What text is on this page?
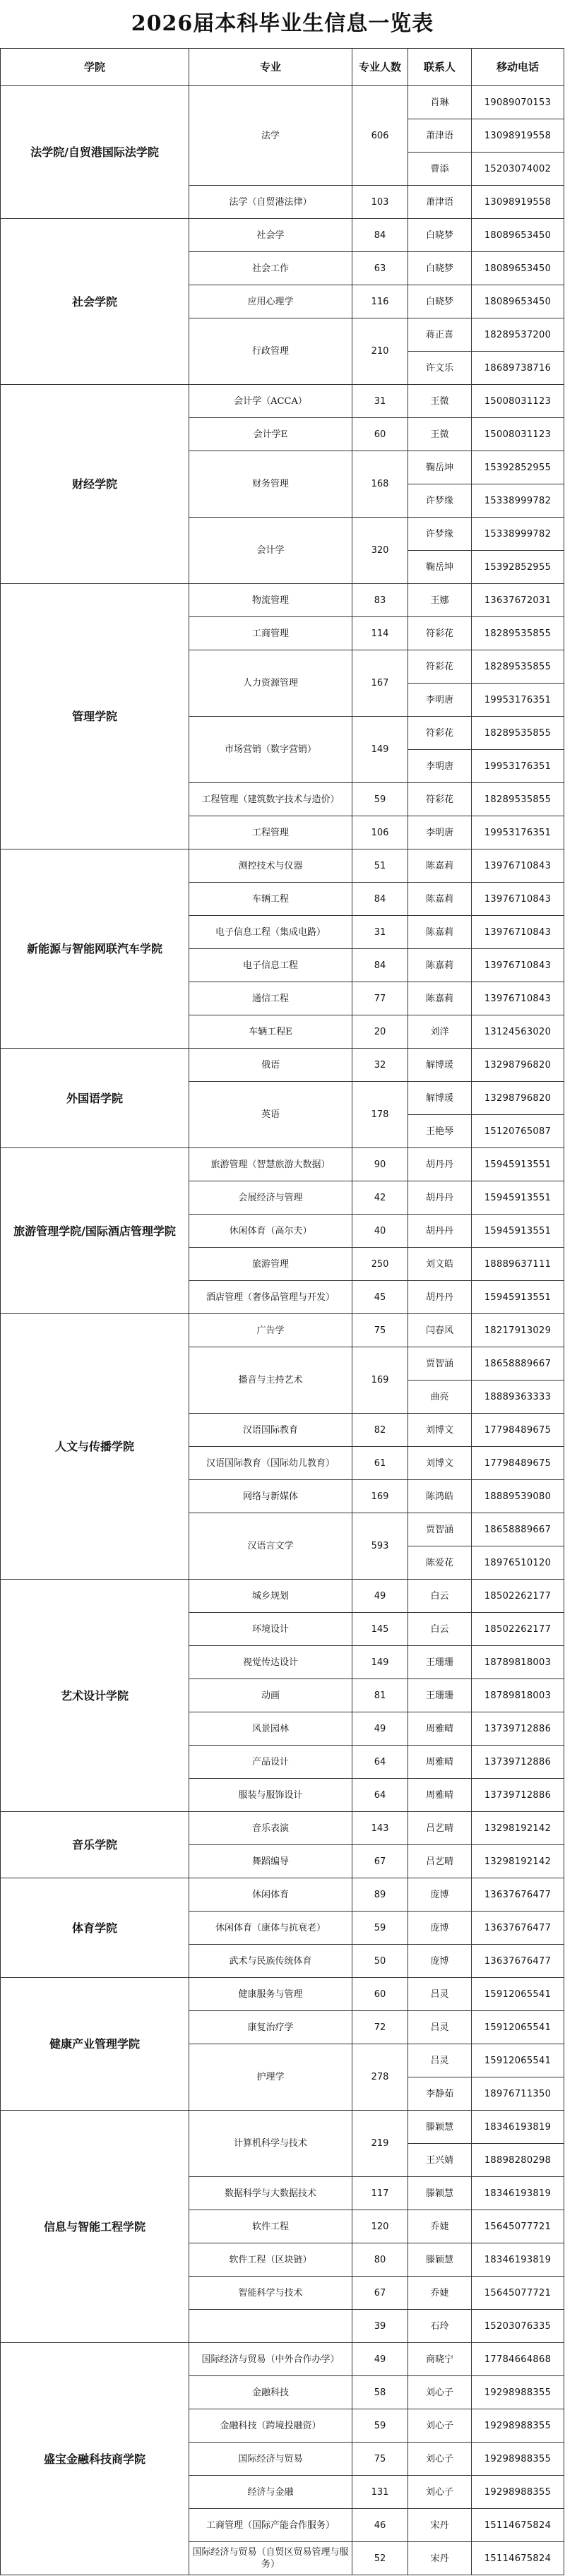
2026届本科毕业生信息一览表
学院	专业	专业人数	联系人	移动电话
法学院/自贸港国际法学院	法学	606	肖琳	19089070153
			萧津语	13098919558
			曹添	15203074002
	法学（自贸港法律）	103	萧津语	13098919558
社会学院	社会学	84	白晓梦	18089653450
	社会工作	63	白晓梦	18089653450
	应用心理学	116	白晓梦	18089653450
	行政管理	210	蒋正喜	18289537200
			许文乐	18689738716
财经学院	会计学（ACCA）	31	王微	15008031123
	会计学E	60	王微	15008031123
	财务管理	168	鞠岳坤	15392852955
			许梦缘	15338999782
	会计学	320	许梦缘	15338999782
			鞠岳坤	15392852955
管理学院	物流管理	83	王娜	13637672031
	工商管理	114	符彩花	18289535855
	人力资源管理	167	符彩花	18289535855
			李明唐	19953176351
	市场营销（数字营销）	149	符彩花	18289535855
			李明唐	19953176351
	工程管理（建筑数字技术与造价）	59	符彩花	18289535855
	工程管理	106	李明唐	19953176351
新能源与智能网联汽车学院	测控技术与仪器	51	陈嘉莉	13976710843
	车辆工程	84	陈嘉莉	13976710843
	电子信息工程（集成电路）	31	陈嘉莉	13976710843
	电子信息工程	84	陈嘉莉	13976710843
	通信工程	77	陈嘉莉	13976710843
	车辆工程E	20	刘洋	13124563020
外国语学院	俄语	32	解博瑗	13298796820
	英语	178	解博瑗	13298796820
			王艳琴	15120765087
旅游管理学院/国际酒店管理学院	旅游管理（智慧旅游大数据）	90	胡丹丹	15945913551
	会展经济与管理	42	胡丹丹	15945913551
	休闲体育（高尔夫）	40	胡丹丹	15945913551
	旅游管理	250	刘文皓	18889637111
	酒店管理（奢侈品管理与开发）	45	胡丹丹	15945913551
人文与传播学院	广告学	75	闫春风	18217913029
	播音与主持艺术	169	贾智涵	18658889667
			曲亮	18889363333
	汉语国际教育	82	刘博文	17798489675
	汉语国际教育（国际幼儿教育）	61	刘博文	17798489675
	网络与新媒体	169	陈鸿皓	18889539080
	汉语言文学	593	贾智涵	18658889667
			陈爱花	18976510120
艺术设计学院	城乡规划	49	白云	18502262177
	环境设计	145	白云	18502262177
	视觉传达设计	149	王珊珊	18789818003
	动画	81	王珊珊	18789818003
	风景园林	49	周雅晴	13739712886
	产品设计	64	周雅晴	13739712886
	服装与服饰设计	64	周雅晴	13739712886
音乐学院	音乐表演	143	吕艺晴	13298192142
	舞蹈编导	67	吕艺晴	13298192142
体育学院	休闲体育	89	庞博	13637676477
	休闲体育（康体与抗衰老）	59	庞博	13637676477
	武术与民族传统体育	50	庞博	13637676477
健康产业管理学院	健康服务与管理	60	吕灵	15912065541
	康复治疗学	72	吕灵	15912065541
	护理学	278	吕灵	15912065541
			李静茹	18976711350
信息与智能工程学院	计算机科学与技术	219	滕颖慧	18346193819
			王兴婧	18898280298
	数据科学与大数据技术	117	滕颖慧	18346193819
	软件工程	120	乔婕	15645077721
	软件工程（区块链）	80	滕颖慧	18346193819
	智能科学与技术	67	乔婕	15645077721
		39	石玲	15203076335
盛宝金融科技商学院	国际经济与贸易（中外合作办学）	49	商晓宁	17784664868
	金融科技	58	刘心子	19298988355
	金融科技（跨境投融资）	59	刘心子	19298988355
	国际经济与贸易	75	刘心子	19298988355
	经济与金融	131	刘心子	19298988355
	工商管理（国际产能合作服务）	46	宋丹	15114675824
	国际经济与贸易（自贸区贸易管理与服务）	52	宋丹	15114675824
